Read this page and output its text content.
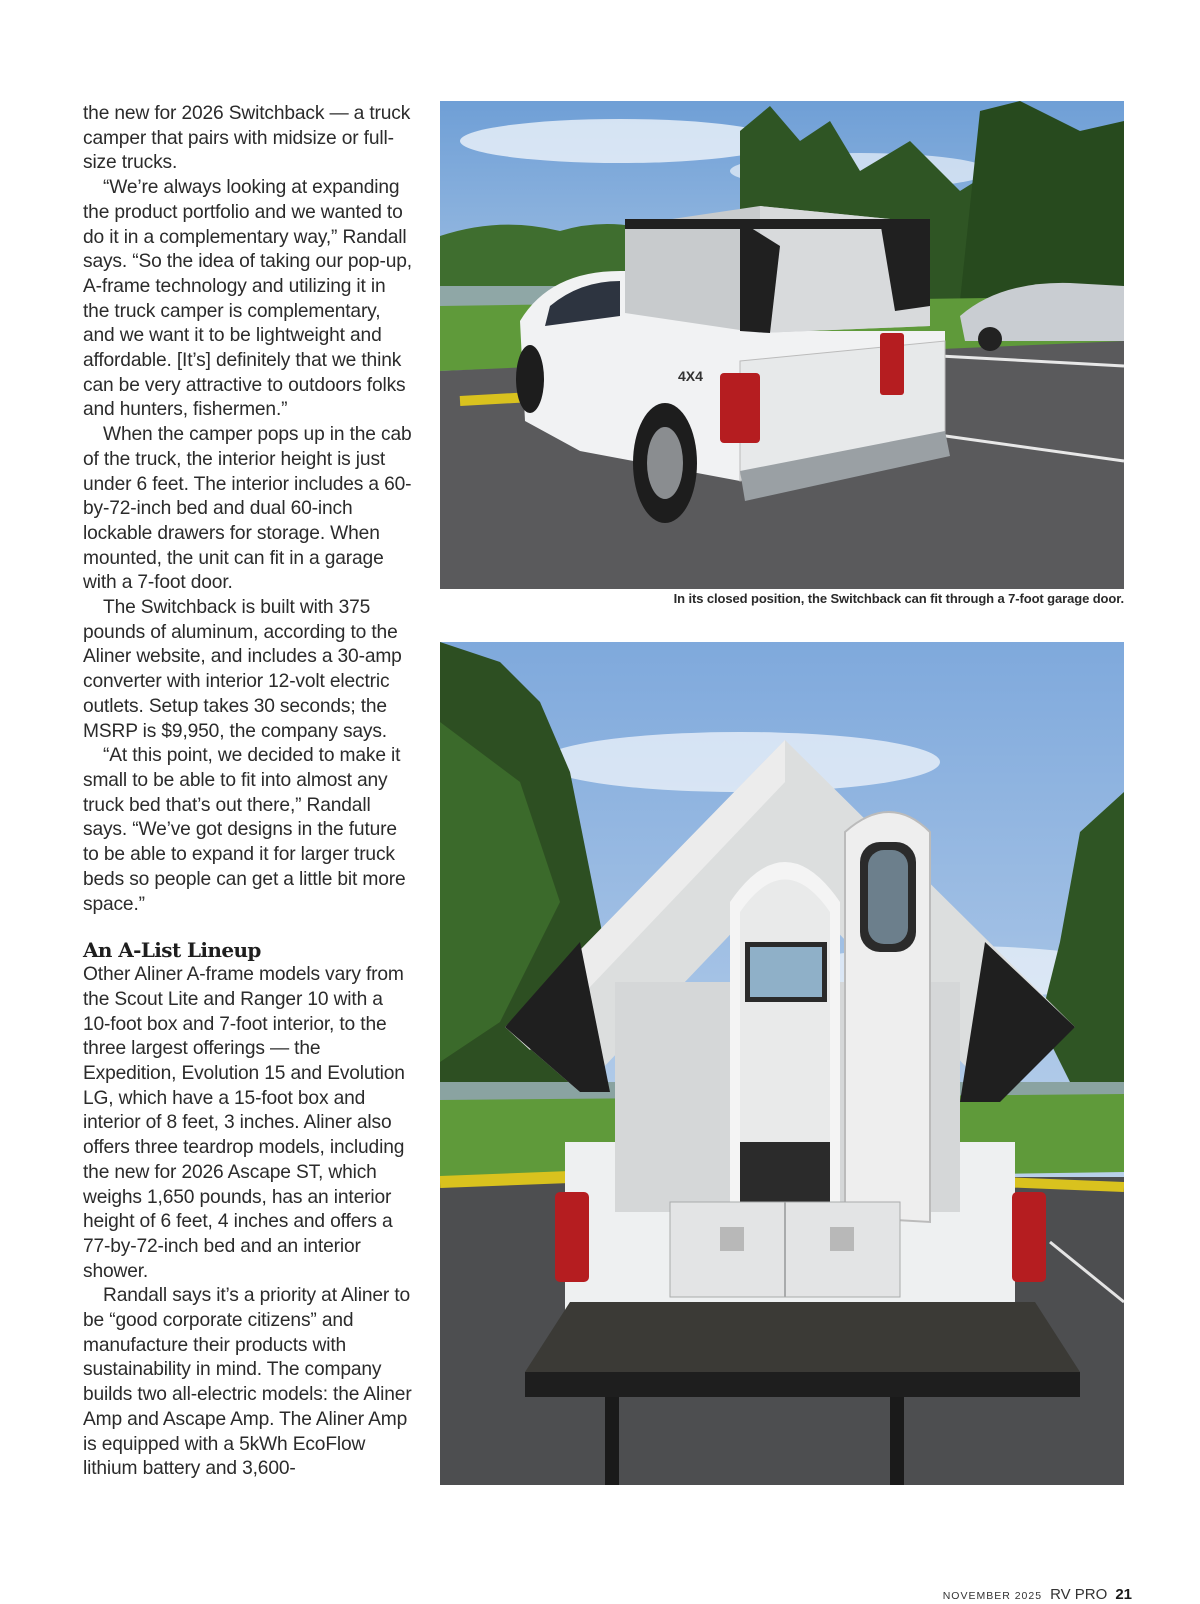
the new for 2026 Switchback — a truck camper that pairs with midsize or full-size trucks.

“We’re always looking at expanding the product portfolio and we wanted to do it in a complementary way,” Randall says. “So the idea of taking our pop-up, A-frame technology and utilizing it in the truck camper is complementary, and we want it to be lightweight and affordable. [It’s] definitely that we think can be very attractive to outdoors folks and hunters, fishermen.”

When the camper pops up in the cab of the truck, the interior height is just under 6 feet. The interior includes a 60-by-72-inch bed and dual 60-inch lockable drawers for storage. When mounted, the unit can fit in a garage with a 7-foot door.

The Switchback is built with 375 pounds of aluminum, according to the Aliner website, and includes a 30-amp converter with interior 12-volt electric outlets. Setup takes 30 seconds; the MSRP is $9,950, the company says.

“At this point, we decided to make it small to be able to fit into almost any truck bed that’s out there,” Randall says. “We’ve got designs in the future to be able to expand it for larger truck beds so people can get a little bit more space.”

An A-List Lineup

Other Aliner A-frame models vary from the Scout Lite and Ranger 10 with a 10-foot box and 7-foot interior, to the three largest offerings — the Expedition, Evolution 15 and Evolution LG, which have a 15-foot box and interior of 8 feet, 3 inches. Aliner also offers three teardrop models, including the new for 2026 Ascape ST, which weighs 1,650 pounds, has an interior height of 6 feet, 4 inches and offers a 77-by-72-inch bed and an interior shower.

Randall says it’s a priority at Aliner to be “good corporate citizens” and manufacture their products with sustainability in mind. The company builds two all-electric models: the Aliner Amp and Ascape Amp. The Aliner Amp is equipped with a 5kWh EcoFlow lithium battery and 3,600-

4X4
In its closed position, the Switchback can fit through a 7-foot garage door.
NOVEMBER 2025 RV PRO 21
